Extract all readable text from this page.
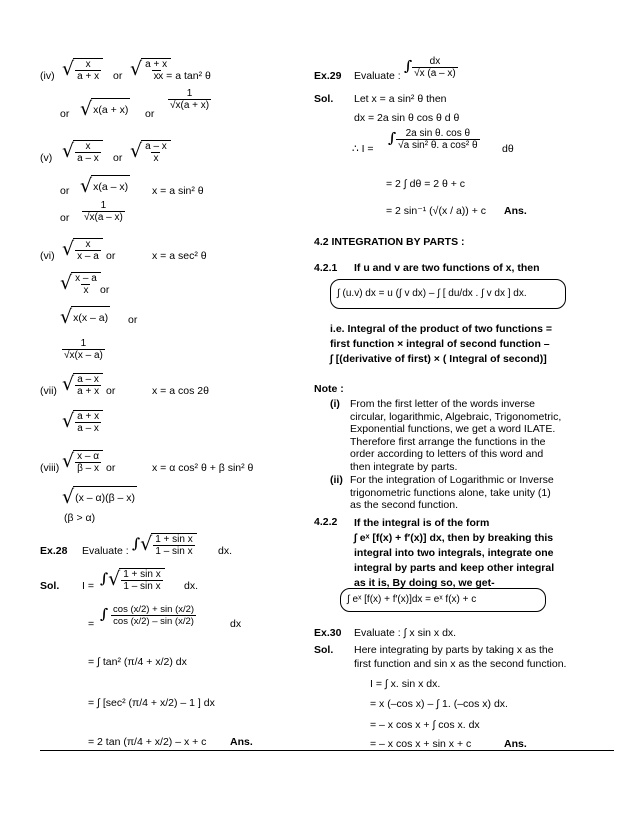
(iv) √ $\frac{x}{a + x}$ or √ $\frac{a + x}{x}$
x = a tan² θ
or √ x(a + x) or
$\frac{1}{√x(a + x)}$
(v) √ $\frac{x}{a - x}$ or √ $\frac{a - x}{x}$
or √ x(a – x) x = a sin² θ
or $\frac{1}{√x(a - x)}$
(vi) √ $\frac{x}{x - a}$ or	x = a sec² θ
√ $\frac{x - a}{x}$ or
√ x(x – a) or
$\frac{1}{√x(x - a)}$
(vii) √ $\frac{a - x}{a + x}$ or	x = a cos 2θ
√ $\frac{a + x}{a - x}$
(viii) √ $\frac{x - \alpha}{\beta - x}$ or	x = α cos² θ + β sin² θ
√ (x – α)(β – x)
(β > α)
Ex.28 Evaluate : ∫ √ $\frac{\text{1 + sin x}}{\text{1 – sin x}}$ dx.
Sol. I = ∫ √ $\frac{\text{1 + sin x}}{\text{1 – sin x}}$ dx.
=
∫ $\frac{\cos (x/2) + \sin (x/2)}{\cos (x/2) - \sin (x/2)}$	dx
= ∫ tan² (π/4 + x/2) dx
= ∫ [sec² (π/4 + x/2) – 1 ] dx
= 2 tan (π/4 + x/2) – x + c Ans.
Ex.29 Evaluate :
∫ $\frac{dx}{√x (a - x)}$
Sol. Let x = a sin² θ then
dx = 2a sin θ cos θ d θ
∴ I =
∫ $\frac{\text{2a sin θ. cos θ}}{\text{√a sin² θ. a cos² θ}}$ dθ
= 2 ∫ dθ = 2 θ + c
= 2 sin⁻¹ (√(x / a)) + c Ans.
4.2 INTEGRATION BY PARTS :
4.2.1 If u and v are two functions of x, then
∫ (u.v) dx = u (∫ v dx) – ∫ [ du/dx . ∫ v dx ] dx.
i.e. Integral of the product of two functions =
first function × integral of second function –
∫ [(derivative of first) × ( Integral of second)]
Note :
(i) From the first letter of the words inverse
circular, logarithmic, Algebraic, Trigonometric,
Exponential functions, we get a word ILATE.
Therefore first arrange the functions in the
order according to letters of this word and
then integrate by parts.
(ii) For the integration of Logarithmic or Inverse
trigonometric functions alone, take unity (1)
as the second function.
4.2.2 If the integral is of the form
∫ eˣ [f(x) + f′(x)] dx, then by breaking this
integral into two integrals, integrate one
integral by parts and keep other integral
as it is, By doing so, we get-
∫ eˣ [f(x) + f′(x)]dx = eˣ f(x) + c
Ex.30 Evaluate : ∫ x sin x dx.
Sol. Here integrating by parts by taking x as the
first function and sin x as the second function.
I = ∫ x. sin x dx.
= x (–cos x) – ∫ 1. (–cos x) dx.
= – x cos x + ∫ cos x. dx
= – x cos x + sin x + c	Ans.
